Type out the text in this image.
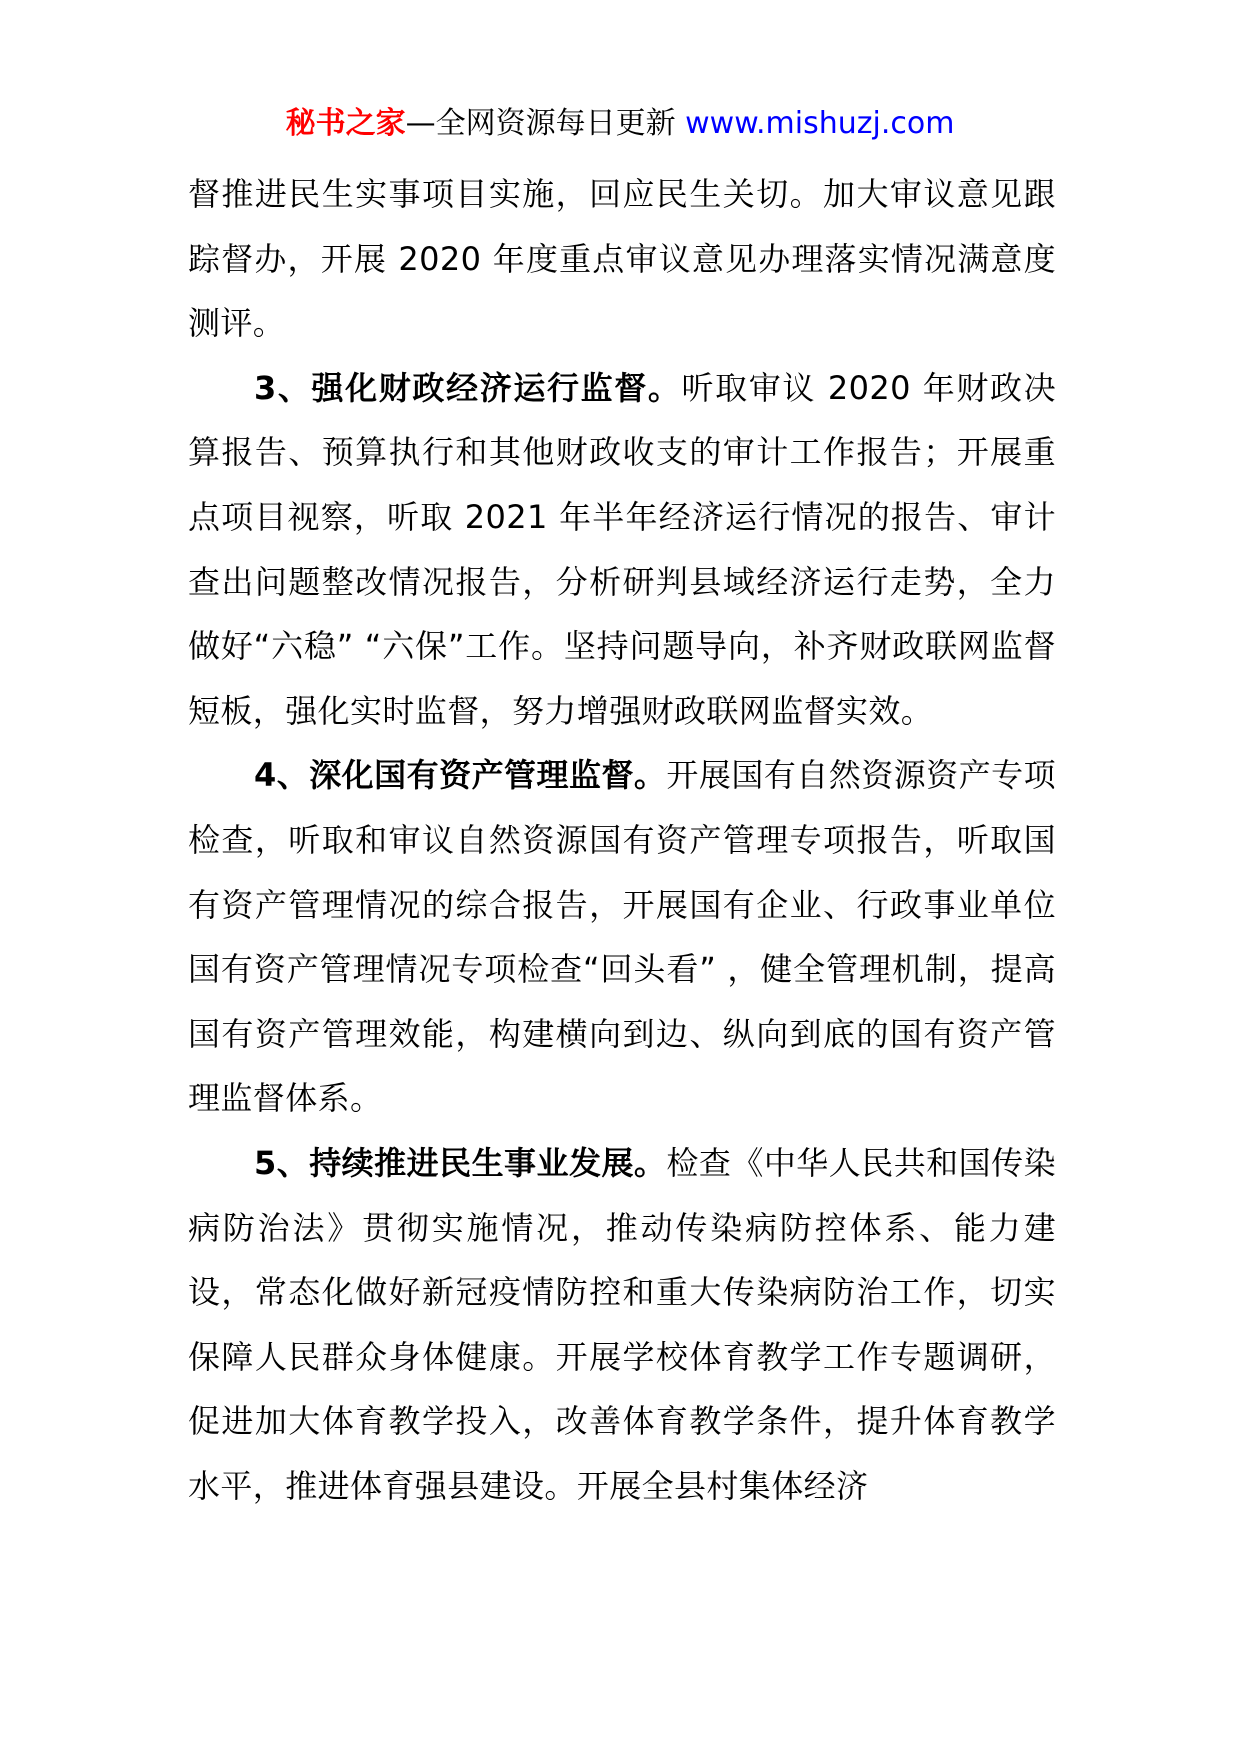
秘书之家—全网资源每日更新 www.mishuzj.com

督推进民生实事项目实施，回应民生关切。加大审议意见跟踪督办，开展 2020 年度重点审议意见办理落实情况满意度测评。

3、强化财政经济运行监督。听取审议 2020 年财政决算报告、预算执行和其他财政收支的审计工作报告；开展重点项目视察，听取 2021 年半年经济运行情况的报告、审计查出问题整改情况报告，分析研判县域经济运行走势，全力做好“六稳” “六保”工作。坚持问题导向，补齐财政联网监督短板，强化实时监督，努力增强财政联网监督实效。

4、深化国有资产管理监督。开展国有自然资源资产专项检查，听取和审议自然资源国有资产管理专项报告，听取国有资产管理情况的综合报告，开展国有企业、行政事业单位国有资产管理情况专项检查“回头看” ，健全管理机制，提高国有资产管理效能，构建横向到边、纵向到底的国有资产管理监督体系。

5、持续推进民生事业发展。检查《中华人民共和国传染病防治法》贯彻实施情况，推动传染病防控体系、能力建设，常态化做好新冠疫情防控和重大传染病防治工作，切实保障人民群众身体健康。开展学校体育教学工作专题调研，促进加大体育教学投入，改善体育教学条件，提升体育教学水平，推进体育强县建设。开展全县村集体经济
